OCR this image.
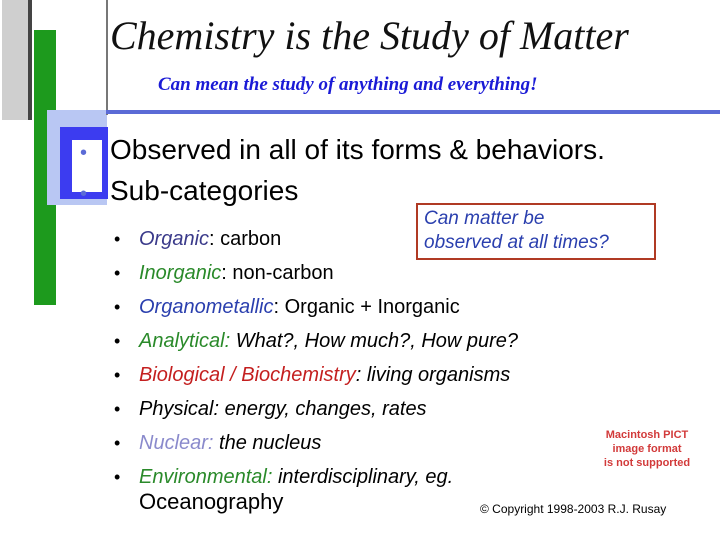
Chemistry is the Study of Matter
Can mean the study of anything and everything!
• Observed in all of its forms & behaviors.
• Sub-categories
• Organic: carbon
• Inorganic: non-carbon
• Organometallic: Organic + Inorganic
• Analytical: What?, How much?, How pure?
• Biological / Biochemistry: living organisms
• Physical: energy, changes, rates
• Nuclear: the nucleus
• Environmental: interdisciplinary, eg.
Oceanography
Can matter be
observed at all times?
Macintosh PICT
image format
is not supported
© Copyright 1998-2003 R.J. Rusay
